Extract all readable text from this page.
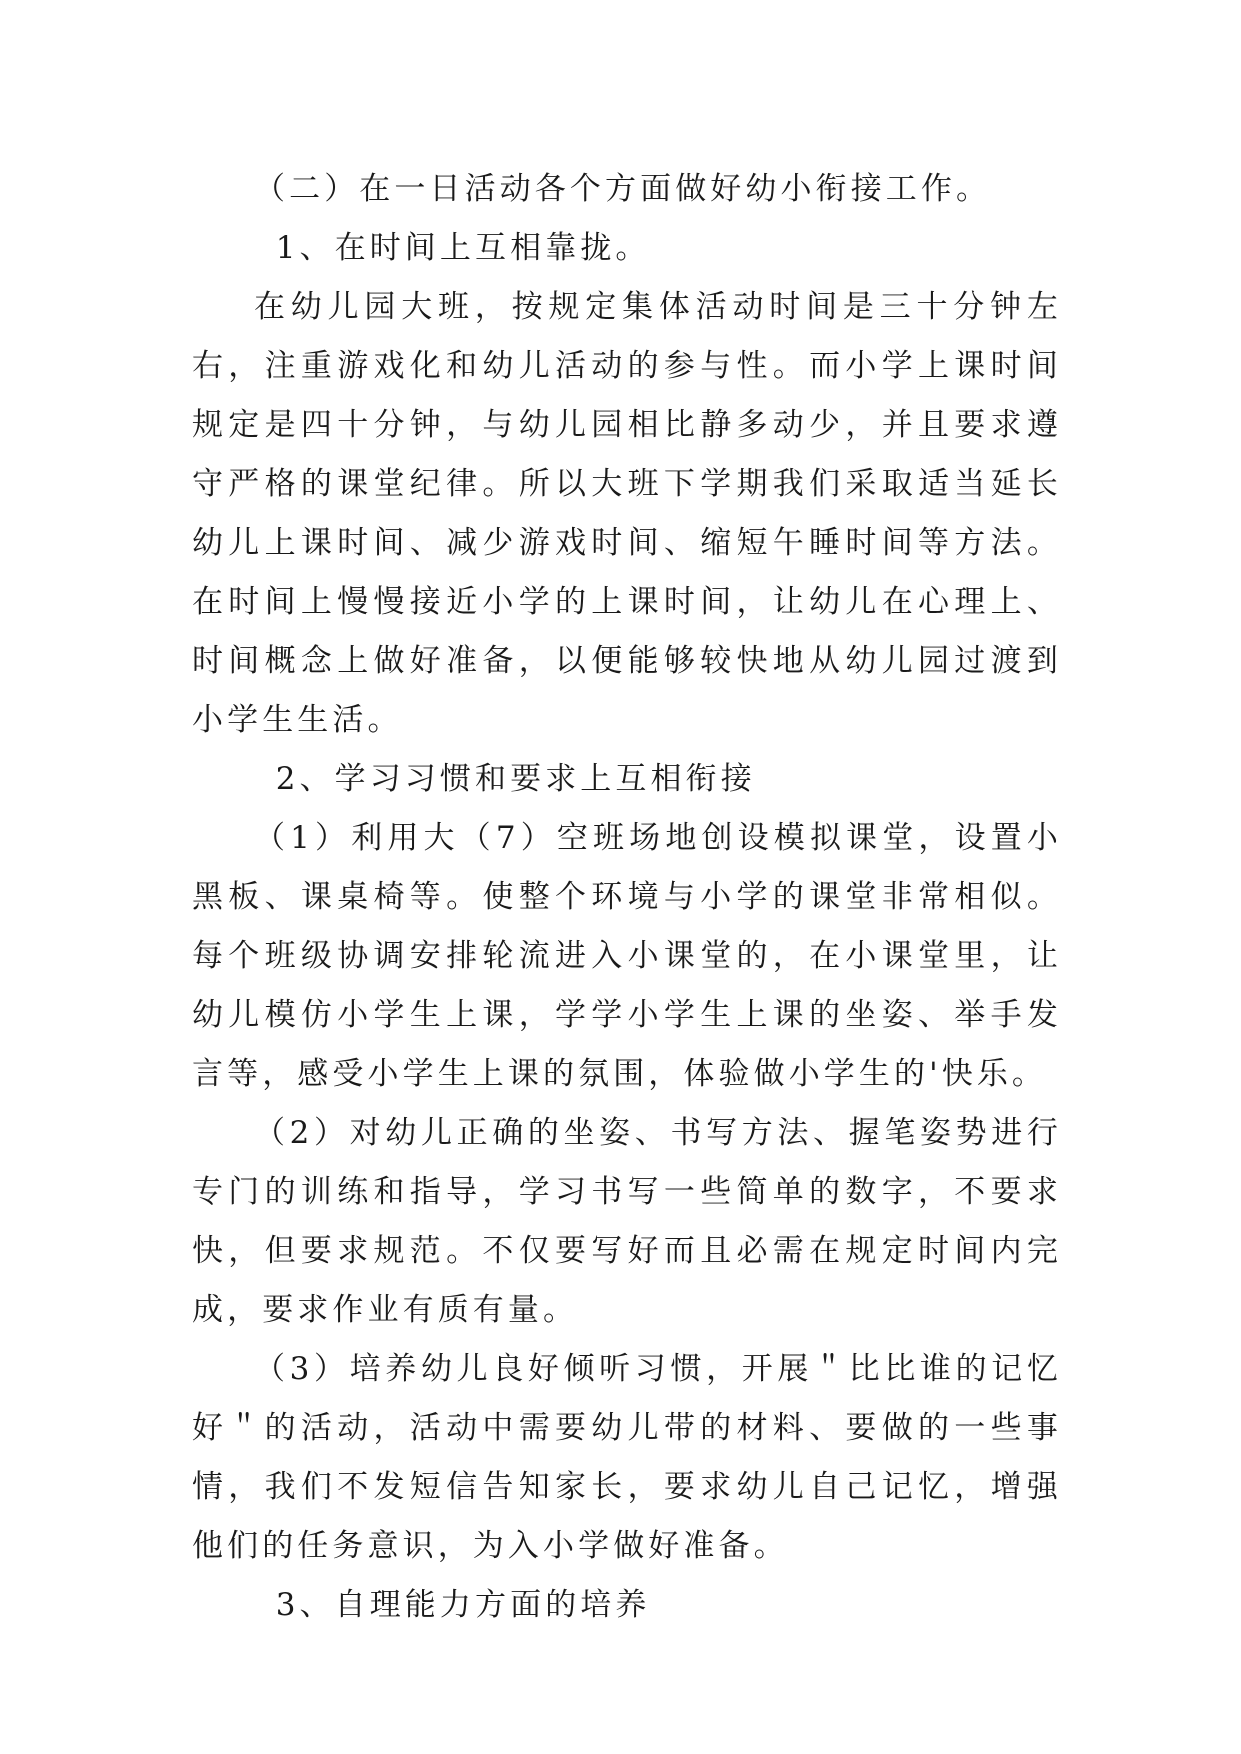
（二）在一日活动各个方面做好幼小衔接工作。

1、在时间上互相靠拢。

在幼儿园大班，按规定集体活动时间是三十分钟左右，注重游戏化和幼儿活动的参与性。而小学上课时间规定是四十分钟，与幼儿园相比静多动少，并且要求遵守严格的课堂纪律。所以大班下学期我们采取适当延长幼儿上课时间、减少游戏时间、缩短午睡时间等方法。在时间上慢慢接近小学的上课时间，让幼儿在心理上、时间概念上做好准备，以便能够较快地从幼儿园过渡到小学生生活。

2、学习习惯和要求上互相衔接

（1）利用大（7）空班场地创设模拟课堂，设置小黑板、课桌椅等。使整个环境与小学的课堂非常相似。每个班级协调安排轮流进入小课堂的，在小课堂里，让幼儿模仿小学生上课，学学小学生上课的坐姿、举手发言等，感受小学生上课的氛围，体验做小学生的'快乐。

（2）对幼儿正确的坐姿、书写方法、握笔姿势进行专门的训练和指导，学习书写一些简单的数字，不要求快，但要求规范。不仅要写好而且必需在规定时间内完成，要求作业有质有量。

（3）培养幼儿良好倾听习惯，开展＂比比谁的记忆好＂的活动，活动中需要幼儿带的材料、要做的一些事情，我们不发短信告知家长，要求幼儿自己记忆，增强他们的任务意识，为入小学做好准备。

3、自理能力方面的培养
